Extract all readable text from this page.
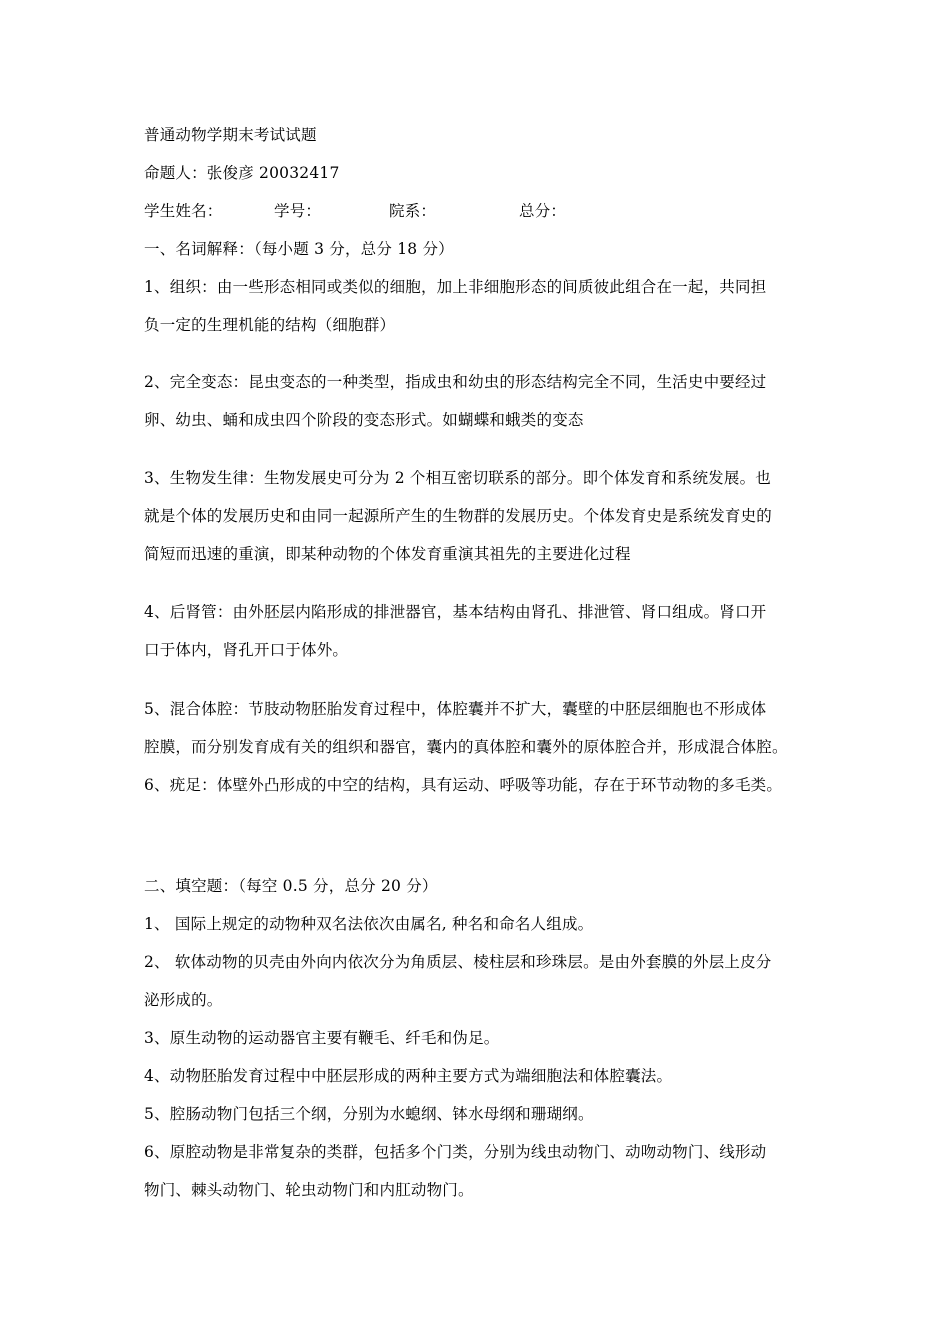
普通动物学期末考试试题
命题人：张俊彦 20032417
学生姓名：	学号：	院系：	总分：
一、名词解释：（每小题 3 分，总分 18 分）
1、组织：由一些形态相同或类似的细胞，加上非细胞形态的间质彼此组合在一起，共同担
负一定的生理机能的结构（细胞群）
2、完全变态：昆虫变态的一种类型，指成虫和幼虫的形态结构完全不同，生活史中要经过
卵、幼虫、蛹和成虫四个阶段的变态形式。如蝴蝶和蛾类的变态
3、生物发生律：生物发展史可分为 2 个相互密切联系的部分。即个体发育和系统发展。也
就是个体的发展历史和由同一起源所产生的生物群的发展历史。个体发育史是系统发育史的
简短而迅速的重演，即某种动物的个体发育重演其祖先的主要进化过程
4、后肾管：由外胚层内陷形成的排泄器官，基本结构由肾孔、排泄管、肾口组成。肾口开
口于体内，肾孔开口于体外。
5、混合体腔：节肢动物胚胎发育过程中，体腔囊并不扩大，囊壁的中胚层细胞也不形成体
腔膜，而分别发育成有关的组织和器官，囊内的真体腔和囊外的原体腔合并，形成混合体腔。
6、疣足：体壁外凸形成的中空的结构，具有运动、呼吸等功能，存在于环节动物的多毛类。
二、填空题：（每空 0.5 分，总分 20 分）
1、 国际上规定的动物种双名法依次由属名, 种名和命名人组成。
2、 软体动物的贝壳由外向内依次分为角质层、棱柱层和珍珠层。是由外套膜的外层上皮分
泌形成的。
3、原生动物的运动器官主要有鞭毛、纤毛和伪足。
4、动物胚胎发育过程中中胚层形成的两种主要方式为端细胞法和体腔囊法。
5、腔肠动物门包括三个纲，分别为水螅纲、钵水母纲和珊瑚纲。
6、原腔动物是非常复杂的类群，包括多个门类，分别为线虫动物门、动吻动物门、线形动
物门、棘头动物门、轮虫动物门和内肛动物门。
